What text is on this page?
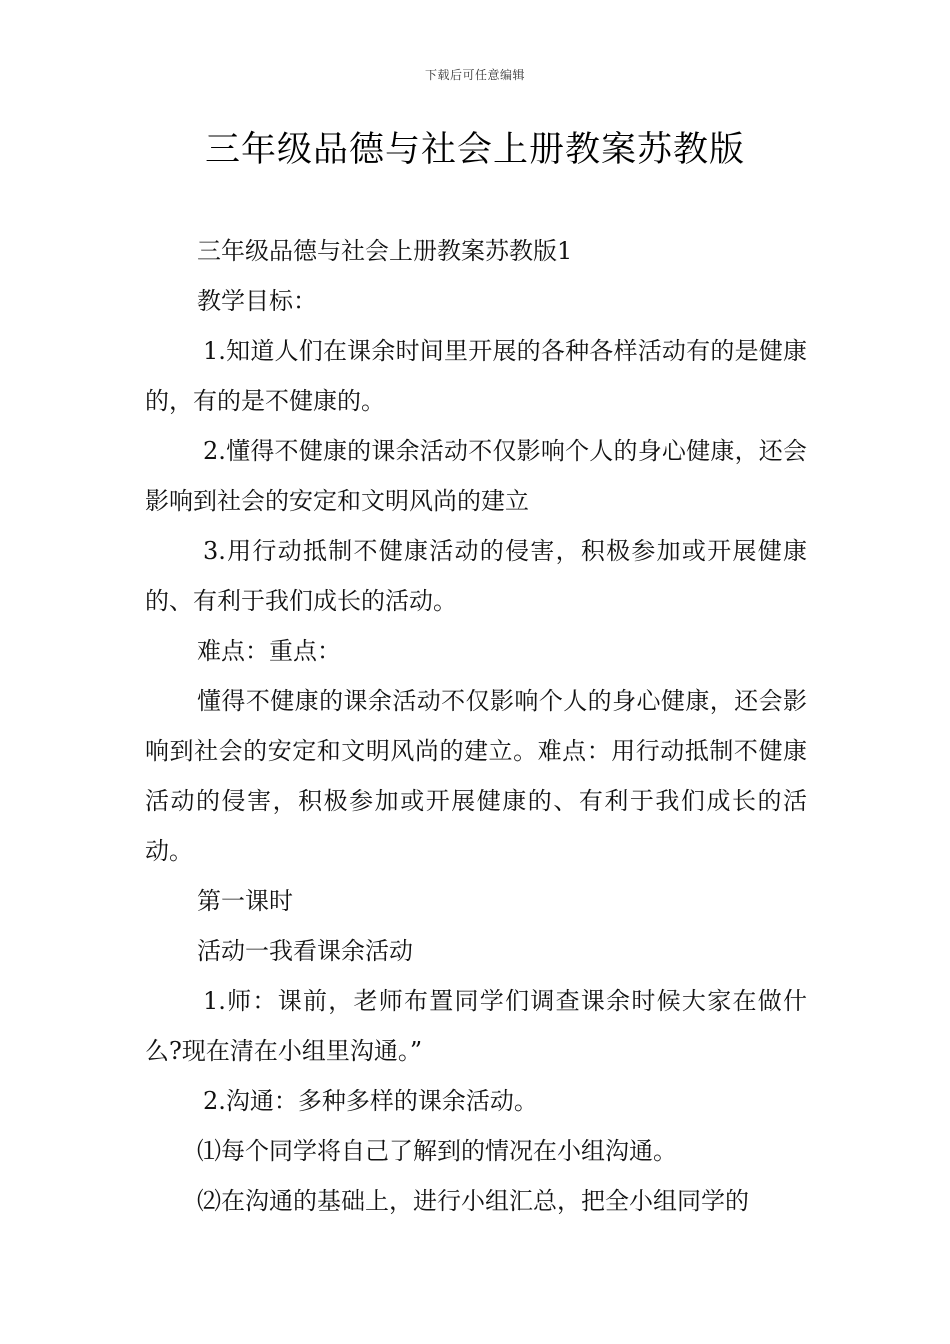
下载后可任意编辑
三年级品德与社会上册教案苏教版

三年级品德与社会上册教案苏教版1

教学目标：

1.知道人们在课余时间里开展的各种各样活动有的是健康的，有的是不健康的。

2.懂得不健康的课余活动不仅影响个人的身心健康，还会影响到社会的安定和文明风尚的建立

3.用行动抵制不健康活动的侵害，积极参加或开展健康的、有利于我们成长的活动。

难点：重点：

懂得不健康的课余活动不仅影响个人的身心健康，还会影响到社会的安定和文明风尚的建立。难点：用行动抵制不健康活动的侵害，积极参加或开展健康的、有利于我们成长的活动。

第一课时

活动一我看课余活动

1.师：课前，老师布置同学们调查课余时候大家在做什么?现在清在小组里沟通。”

2.沟通：多种多样的课余活动。

⑴每个同学将自己了解到的情况在小组沟通。

⑵在沟通的基础上，进行小组汇总，把全小组同学的
